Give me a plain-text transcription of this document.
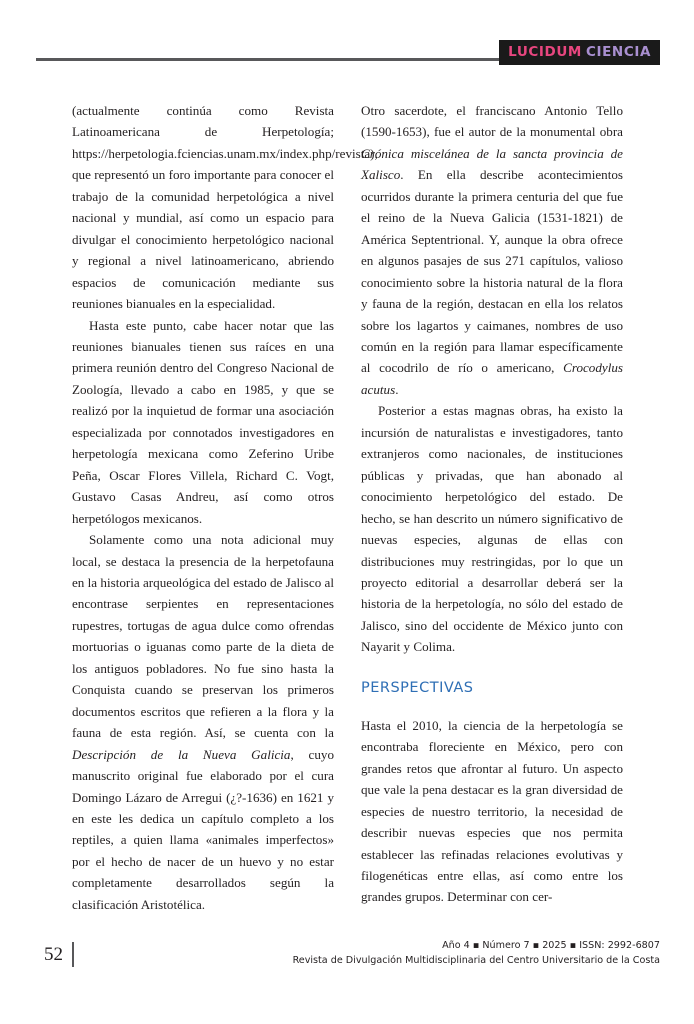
LUCIDUM CIENCIA

(actualmente continúa como Revista Latinoamericana de Herpetología; https://herpetologia.fciencias.unam.mx/index.php/revista), que representó un foro importante para conocer el trabajo de la comunidad herpetológica a nivel nacional y mundial, así como un espacio para divulgar el conocimiento herpetológico nacional y regional a nivel latinoamericano, abriendo espacios de comunicación mediante sus reuniones bianuales en la especialidad.

Hasta este punto, cabe hacer notar que las reuniones bianuales tienen sus raíces en una primera reunión dentro del Congreso Nacional de Zoología, llevado a cabo en 1985, y que se realizó por la inquietud de formar una asociación especializada por connotados investigadores en herpetología mexicana como Zeferino Uribe Peña, Oscar Flores Villela, Richard C. Vogt, Gustavo Casas Andreu, así como otros herpetólogos mexicanos.

Solamente como una nota adicional muy local, se destaca la presencia de la herpetofauna en la historia arqueológica del estado de Jalisco al encontrase serpientes en representaciones rupestres, tortugas de agua dulce como ofrendas mortuorias o iguanas como parte de la dieta de los antiguos pobladores. No fue sino hasta la Conquista cuando se preservan los primeros documentos escritos que refieren a la flora y la fauna de esta región. Así, se cuenta con la Descripción de la Nueva Galicia, cuyo manuscrito original fue elaborado por el cura Domingo Lázaro de Arregui (¿?-1636) en 1621 y en este les dedica un capítulo completo a los reptiles, a quien llama «animales imperfectos» por el hecho de nacer de un huevo y no estar completamente desarrollados según la clasificación Aristotélica.

Otro sacerdote, el franciscano Antonio Tello (1590-1653), fue el autor de la monumental obra Crónica miscelánea de la sancta provincia de Xalisco. En ella describe acontecimientos ocurridos durante la primera centuria del que fue el reino de la Nueva Galicia (1531-1821) de América Septentrional. Y, aunque la obra ofrece en algunos pasajes de sus 271 capítulos, valioso conocimiento sobre la historia natural de la flora y fauna de la región, destacan en ella los relatos sobre los lagartos y caimanes, nombres de uso común en la región para llamar específicamente al cocodrilo de río o americano, Crocodylus acutus.

Posterior a estas magnas obras, ha existo la incursión de naturalistas e investigadores, tanto extranjeros como nacionales, de instituciones públicas y privadas, que han abonado al conocimiento herpetológico del estado. De hecho, se han descrito un número significativo de nuevas especies, algunas de ellas con distribuciones muy restringidas, por lo que un proyecto editorial a desarrollar deberá ser la historia de la herpetología, no sólo del estado de Jalisco, sino del occidente de México junto con Nayarit y Colima.

PERSPECTIVAS

Hasta el 2010, la ciencia de la herpetología se encontraba floreciente en México, pero con grandes retos que afrontar al futuro. Un aspecto que vale la pena destacar es la gran diversidad de especies de nuestro territorio, la necesidad de describir nuevas especies que nos permita establecer las refinadas relaciones evolutivas y filogenéticas entre ellas, así como entre los grandes grupos. Determinar con cer-

52	Año 4 ▪ Número 7 ▪ 2025 ▪ ISSN: 2992-6807
Revista de Divulgación Multidisciplinaria del Centro Universitario de la Costa
